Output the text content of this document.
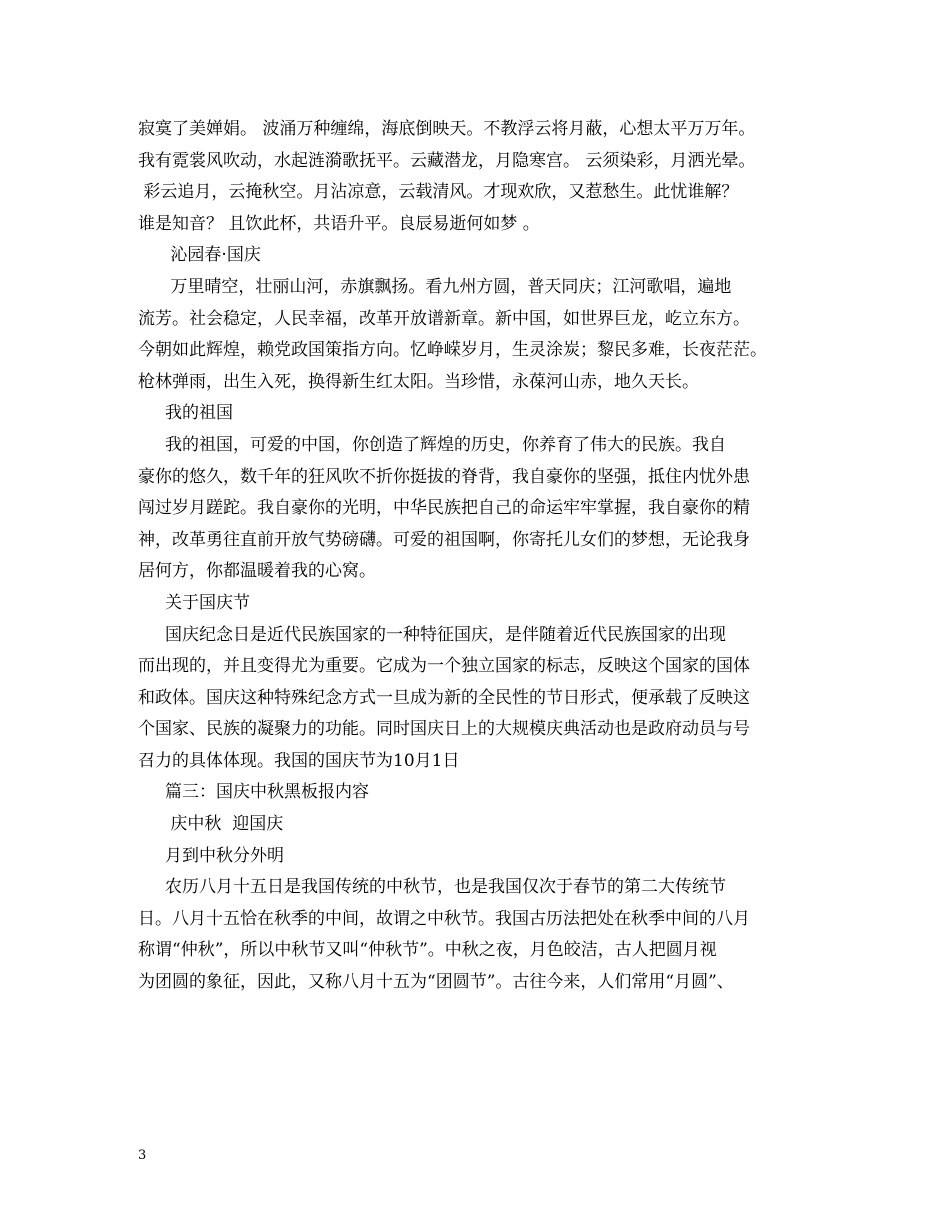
寂寞了美婵娟。 波涌万种缠绵，海底倒映天。不教浮云将月蔽，心想太平万万年。
我有霓裳风吹动，水起涟漪歌抚平。云藏潜龙，月隐寒宫。 云须染彩，月洒光晕。
彩云追月，云掩秋空。月沾凉意，云载清风。才现欢欣，又惹愁生。此忧谁解？
谁是知音？ 且饮此杯，共语升平。良辰易逝何如梦 。
沁园春·国庆
万里晴空，壮丽山河，赤旗飘扬。看九州方圆，普天同庆；江河歌唱，遍地
流芳。社会稳定，人民幸福，改革开放谱新章。新中国，如世界巨龙，屹立东方。
今朝如此辉煌，赖党政国策指方向。忆峥嵘岁月，生灵涂炭；黎民多难，长夜茫茫。
枪林弹雨，出生入死，换得新生红太阳。当珍惜，永葆河山赤，地久天长。
我的祖国
我的祖国，可爱的中国，你创造了辉煌的历史，你养育了伟大的民族。我自
豪你的悠久，数千年的狂风吹不折你挺拔的脊背，我自豪你的坚强，抵住内忧外患
闯过岁月蹉跎。我自豪你的光明，中华民族把自己的命运牢牢掌握，我自豪你的精
神，改革勇往直前开放气势磅礴。可爱的祖国啊，你寄托儿女们的梦想，无论我身
居何方，你都温暖着我的心窝。
关于国庆节
国庆纪念日是近代民族国家的一种特征国庆，是伴随着近代民族国家的出现
而出现的，并且变得尤为重要。它成为一个独立国家的标志，反映这个国家的国体
和政体。国庆这种特殊纪念方式一旦成为新的全民性的节日形式，便承载了反映这
个国家、民族的凝聚力的功能。同时国庆日上的大规模庆典活动也是政府动员与号
召力的具体体现。我国的国庆节为10月1日
篇三：国庆中秋黑板报内容
庆中秋  迎国庆
月到中秋分外明
农历八月十五日是我国传统的中秋节，也是我国仅次于春节的第二大传统节
日。八月十五恰在秋季的中间，故谓之中秋节。我国古历法把处在秋季中间的八月
称谓“仲秋”，所以中秋节又叫“仲秋节”。中秋之夜，月色皎洁，古人把圆月视
为团圆的象征，因此，又称八月十五为“团圆节”。古往今来，人们常用“月圆”、
3
